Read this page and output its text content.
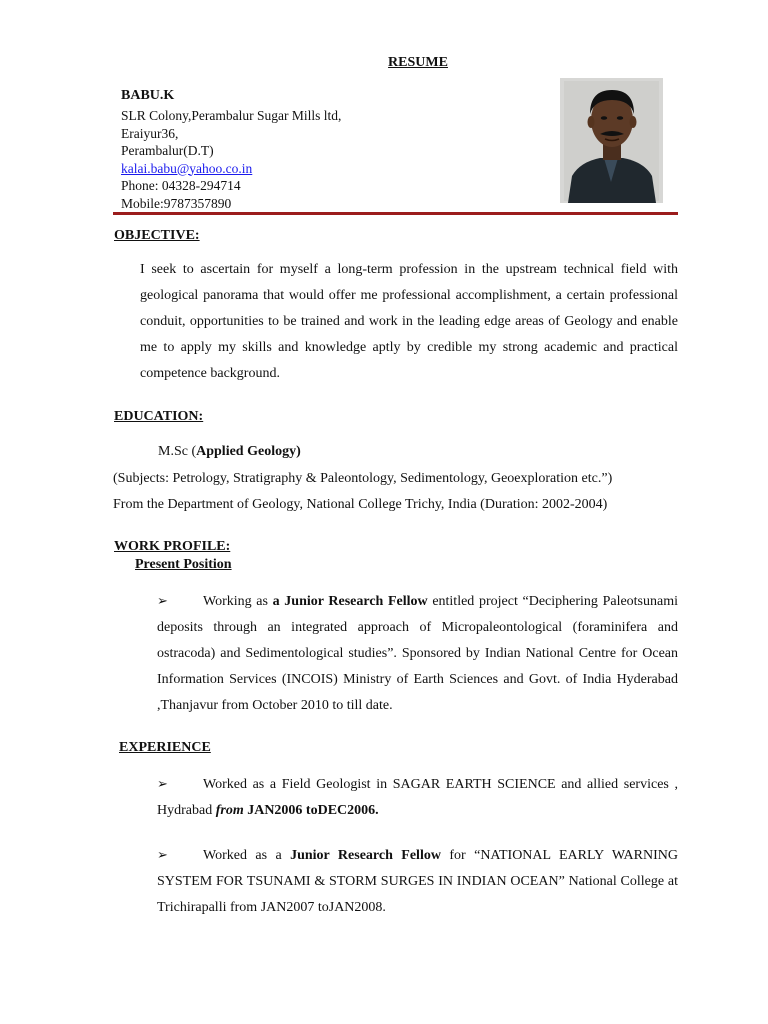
RESUME
BABU.K
SLR Colony,Perambalur Sugar Mills ltd,
Eraiyur36,
Perambalur(D.T)
kalai.babu@yahoo.co.in
Phone: 04328-294714
Mobile:9787357890
OBJECTIVE:
I seek to ascertain for myself a long-term profession in the upstream technical field with geological panorama that would offer me professional accomplishment, a certain professional conduit, opportunities to be trained and work in the leading edge areas of Geology and enable me to apply my skills and knowledge aptly by credible my strong academic and practical competence background.
EDUCATION:
M.Sc (Applied Geology)
(Subjects: Petrology, Stratigraphy & Paleontology, Sedimentology, Geoexploration etc.”)
From the Department of Geology, National College Trichy, India (Duration: 2002-2004)
WORK PROFILE:
Present Position
➢	Working as a Junior Research Fellow entitled project “Deciphering Paleotsunami deposits through an integrated approach of Micropaleontological (foraminifera and ostracoda) and Sedimentological studies”. Sponsored by Indian National Centre for Ocean Information Services (INCOIS) Ministry of Earth Sciences and Govt. of India Hyderabad ,Thanjavur from October 2010 to till date.
EXPERIENCE
➢	Worked as a Field Geologist in SAGAR EARTH SCIENCE and allied services , Hydrabad from JAN2006 toDEC2006.
➢	Worked as a Junior Research Fellow for “NATIONAL EARLY WARNING SYSTEM FOR TSUNAMI & STORM SURGES IN INDIAN OCEAN” National College at Trichirapalli from JAN2007 toJAN2008.
